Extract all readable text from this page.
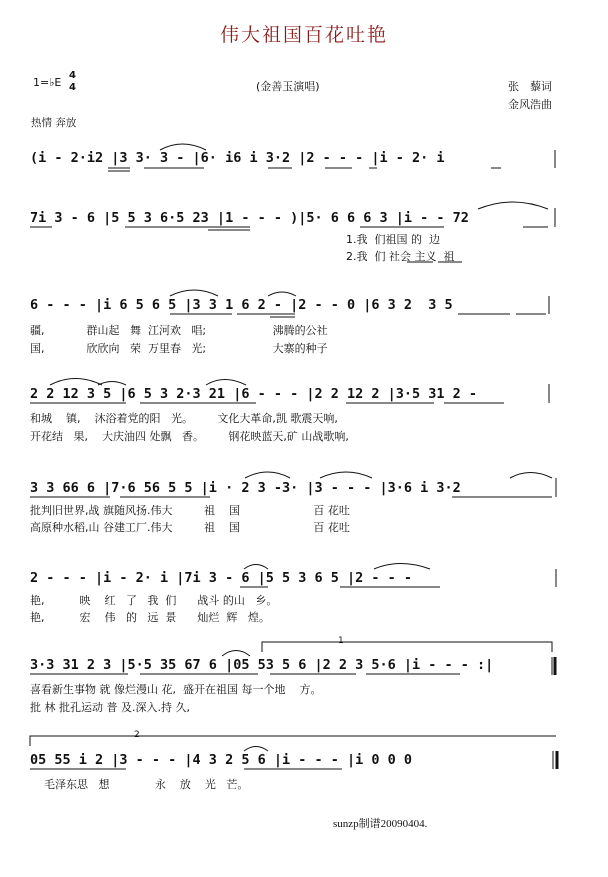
伟大祖国百花吐艳
1=♭E
4
4
热情 奔放
(金善玉演唱)	张　藜词
金风浩曲
(i - 2·i2 |3 3· 3 - |6· i6 i 3·2 |2 - - - |i - 2· i
7i 3 - 6 |5 5 3 6·5 23 |1 - - - )|5· 6 6 6 3 |i - - 72
1.我  们祖国 的  边
2.我  们 社会 主义  祖
6 - - - |i 6 5 6 5 |3 3 1 6 2 - |2 - - 0 |6 3 2  3 5
疆,            群山起   舞  江河欢   唱;                   沸腾的公社
国,            欣欣向   荣  万里春   光;                   大寨的种子
2 2 12 3 5 |6 5 3 2·3 21 |6 - - - |2 2 12 2 |3·5 31 2 -
和城    镇,    沐浴着党的阳   光。       文化大革命,凯 歌震天响,
开花结   果,    大庆油四 处飘   香。       钢花映蓝天,矿 山战歌响,
3 3 66 6 |7·6 56 5 5 |i · 2 3 -3· |3 - - - |3·6 i 3·2
批判旧世界,战 旗随风扬.伟大         祖    国                     百 花吐
高原种水稻,山 谷建工厂.伟大         祖    国                     百 花吐
2 - - - |i - 2· i |7i 3 - 6 |5 5 3 6 5 |2 - - -
艳,          映    红   了   我  们      战斗 的山   乡。
艳,          宏    伟   的   远  景      灿烂  辉   煌。
3·3 31 2 3 |5·5 35 67 6 |05 53 5 6 |2 2 3 5·6 |i - - - :|
喜看新生事物 就 像烂漫山 花,  盛开在祖国 每一个地    方。
批 林 批孔运动 普 及.深入.持 久,
05 55 i 2 |3 - - - |4 3 2 5 6 |i - - - |i 0 0 0
毛泽东思   想             永    放    光   芒。
1
2
sunzp制谱20090404.
